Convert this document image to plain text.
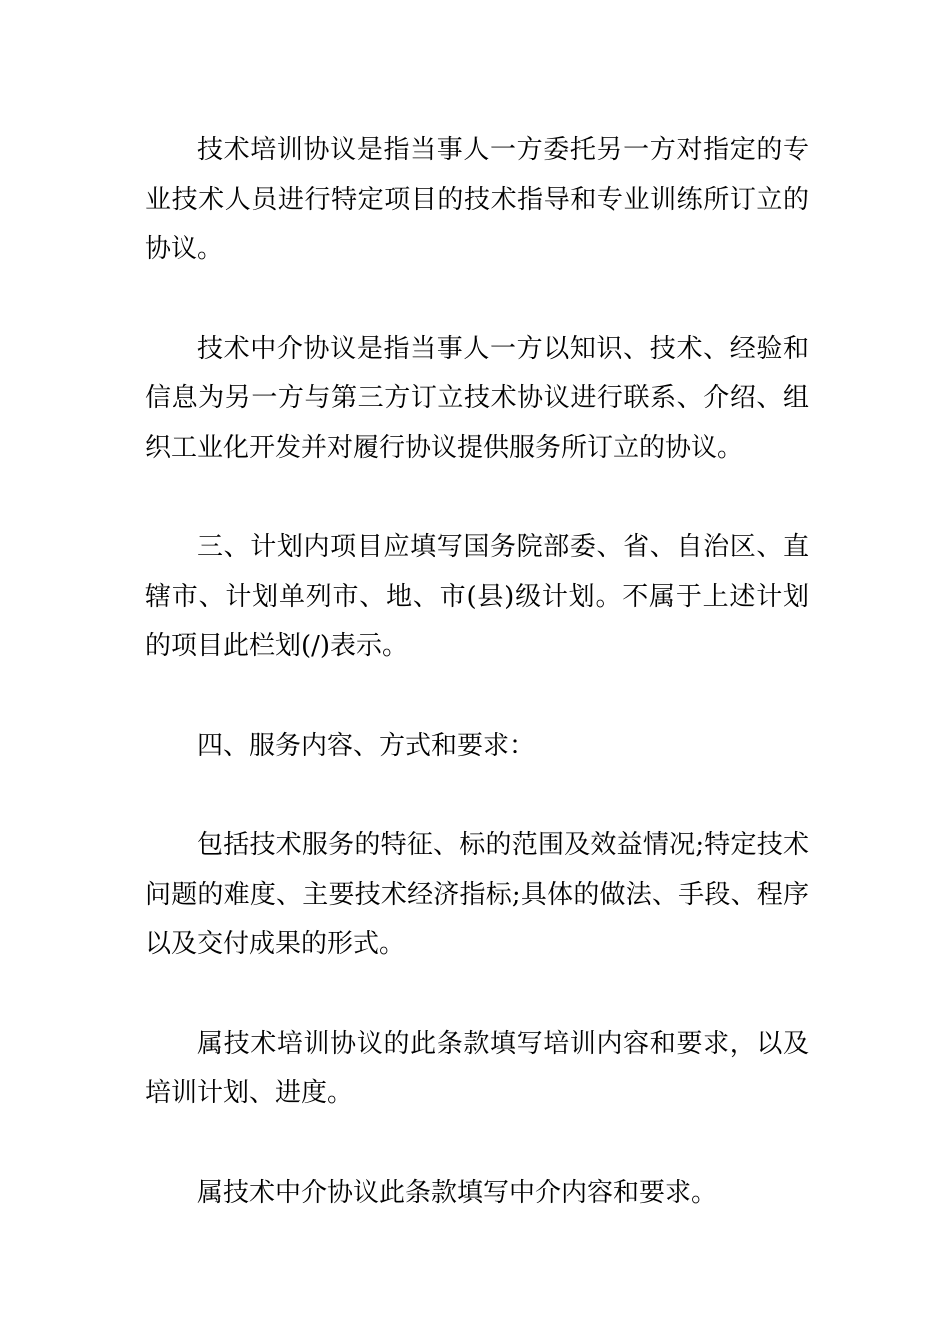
技术培训协议是指当事人一方委托另一方对指定的专业技术人员进行特定项目的技术指导和专业训练所订立的协议。

技术中介协议是指当事人一方以知识、技术、经验和信息为另一方与第三方订立技术协议进行联系、介绍、组织工业化开发并对履行协议提供服务所订立的协议。

三、计划内项目应填写国务院部委、省、自治区、直辖市、计划单列市、地、市(县)级计划。不属于上述计划的项目此栏划(/)表示。

四、服务内容、方式和要求：

包括技术服务的特征、标的范围及效益情况;特定技术问题的难度、主要技术经济指标;具体的做法、手段、程序以及交付成果的形式。

属技术培训协议的此条款填写培训内容和要求，以及培训计划、进度。

属技术中介协议此条款填写中介内容和要求。
